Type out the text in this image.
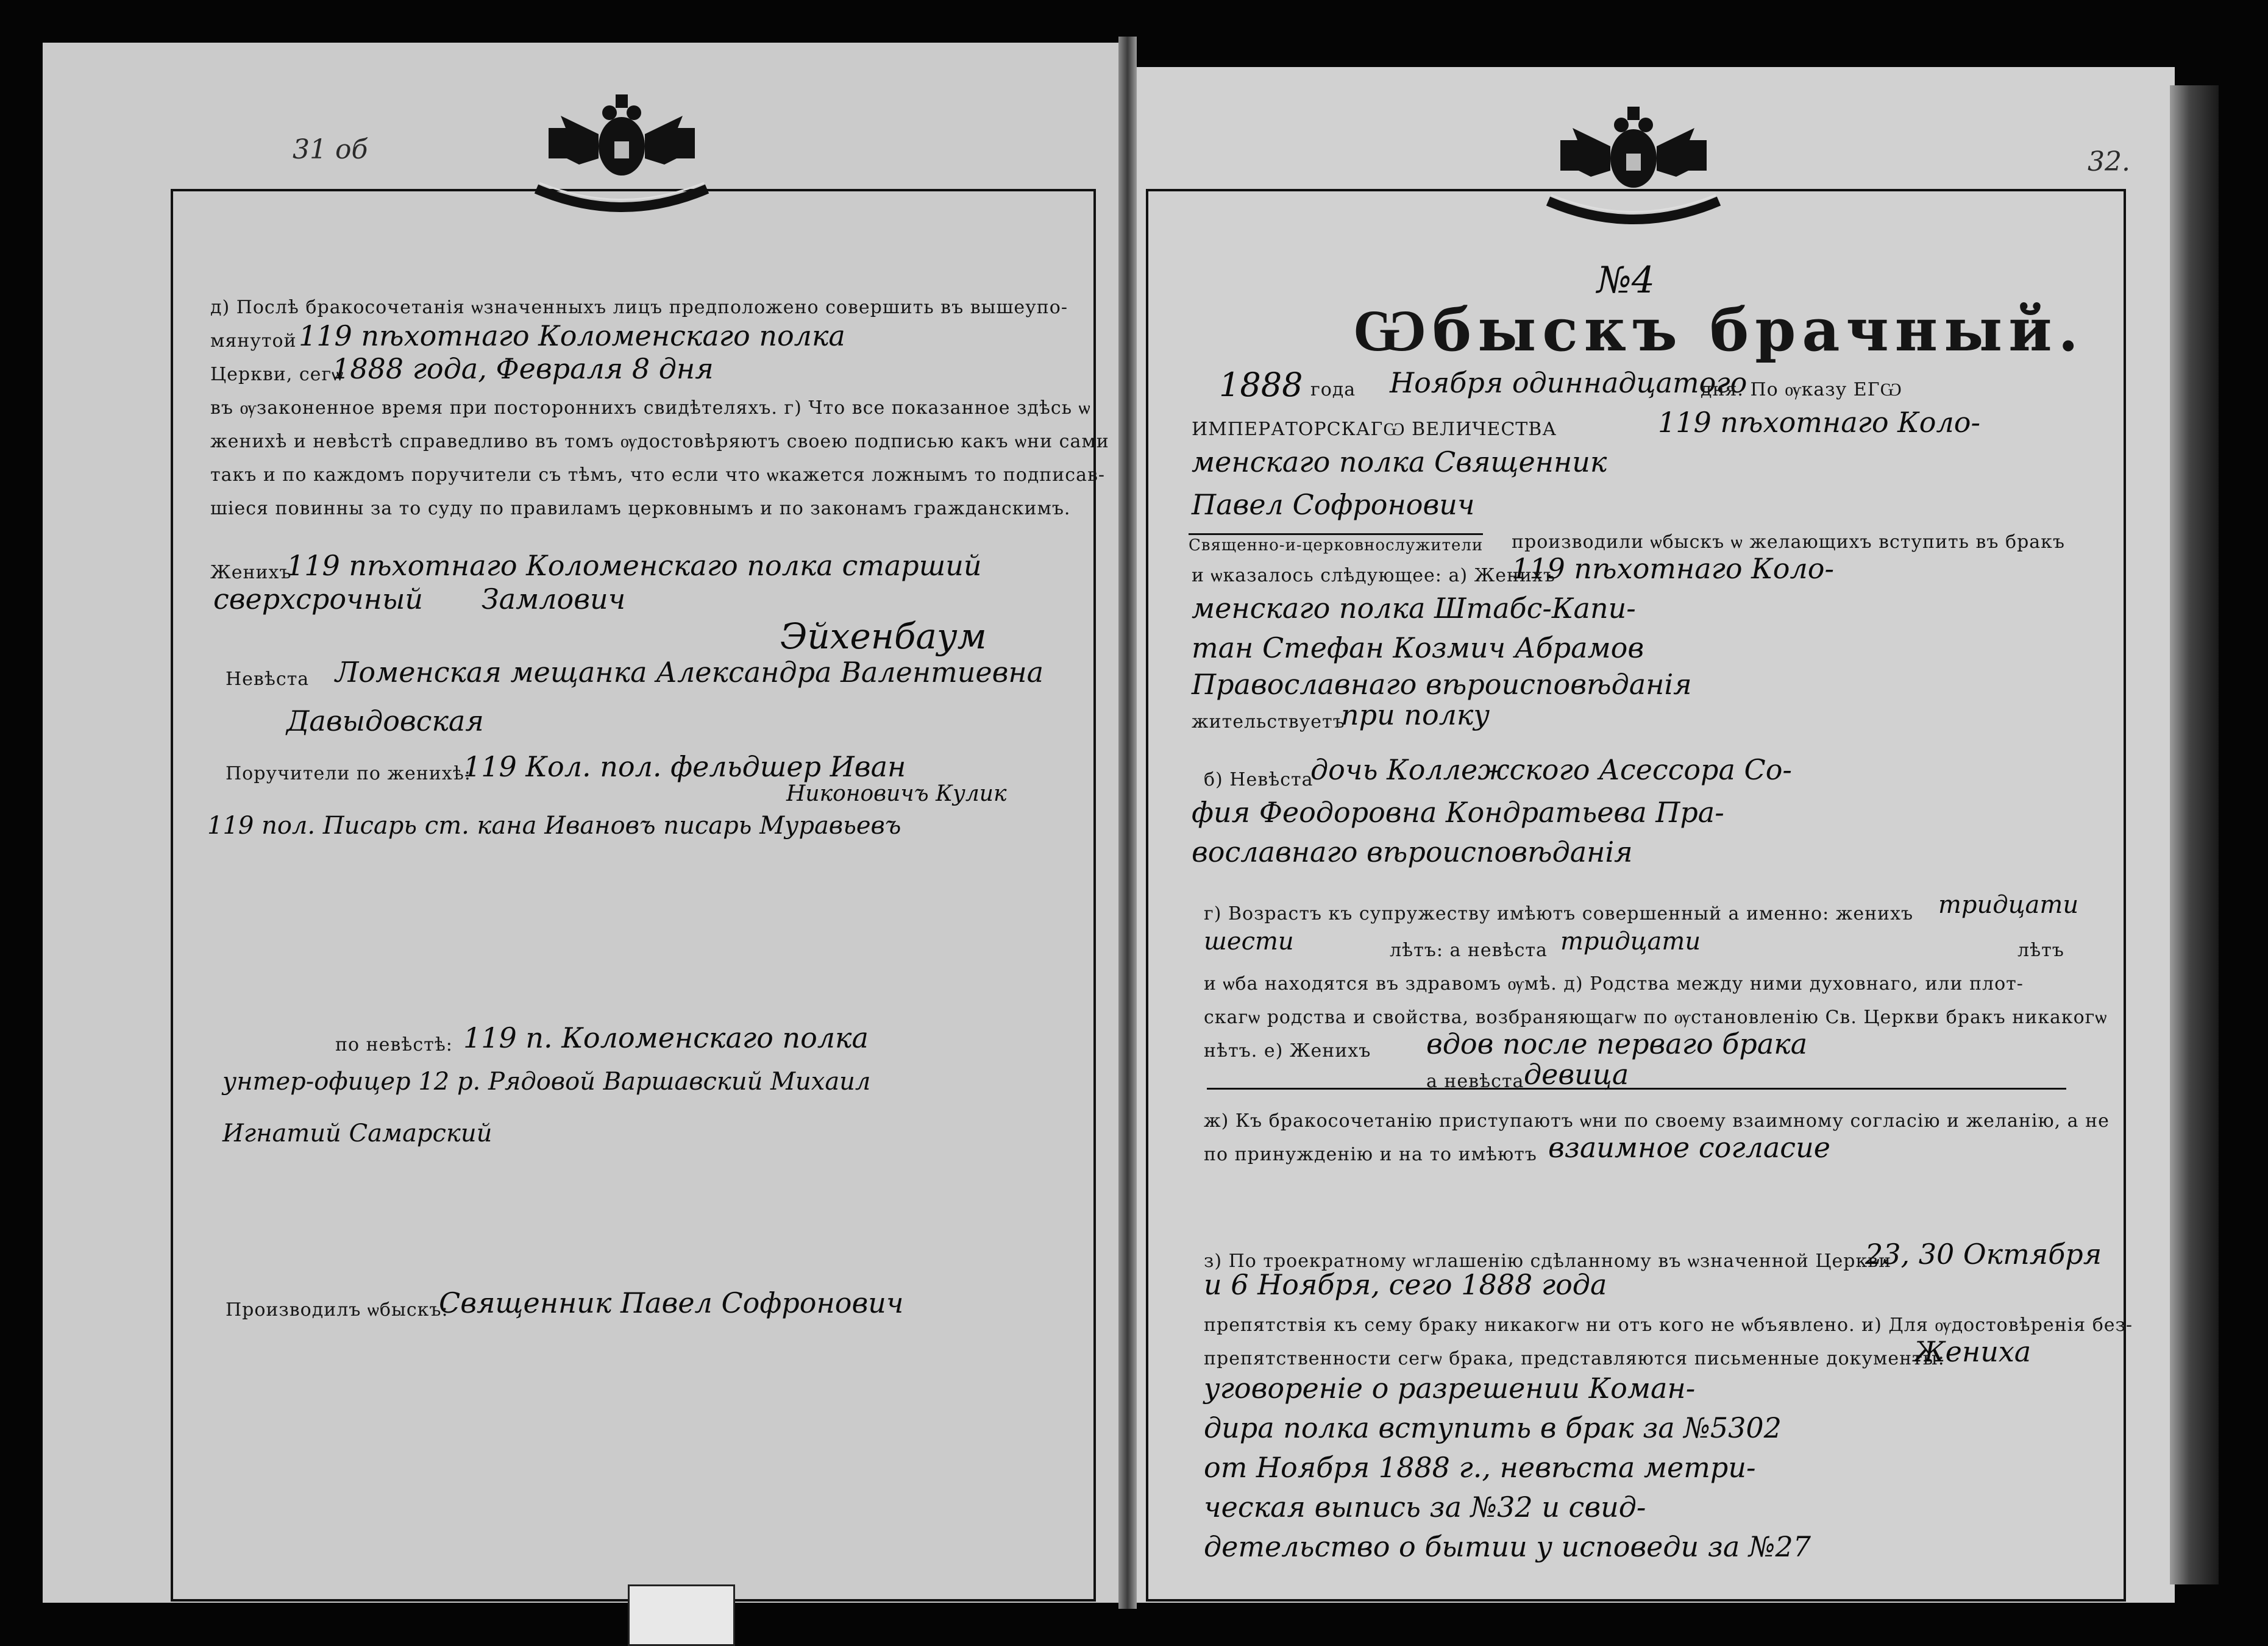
31 об	32.
д) Послѣ бракосочетанія ѡзначенныхъ лицъ предположено совершить въ вышеупо-
мянутой 119 пѣхотнаго Коломенскаго полка
Церкви, сегѡ
1888 года, Февраля 8 дня
въ ѹзаконенное время при постороннихъ свидѣтеляхъ. г) Что все показанное здѣсь ѡ
женихѣ и невѣстѣ справедливо въ томъ ѹдостовѣряютъ своею подписью какъ ѡни сами
такъ и по каждомъ поручители съ тѣмъ, что если что ѡкажется ложнымъ то подписав-
шiеся повинны за то суду по правиламъ церковнымъ и по законамъ гражданскимъ.
Женихъ
119 пѣхотнаго Коломенскаго полка старший
сверхсрочный Замлович
Эйхенбаум
Невѣста Ломенская мещанка Александра Валентиевна
Давыдовская
Поручители по женихѣ:
119 Кол. пол. фельдшер Иван
Никоновичъ Кулик
119 пол. Писарь ст. кана Ивановъ писарь Муравьевъ
по невѣстѣ: 119 п. Коломенскаго полка
унтер-офицер 12 р. Рядовой Варшавский Михаил
Игнатий Самарский
Производилъ ѡбыскъ:
Священник Павел Софронович
№4
Ѡбыскъ брачный.
1888 года Ноября одиннадцатого
дня. По ѹказу ЕГѠ
ИМПЕРАТОРСКАГѠ ВЕЛИЧЕСТВА	119 пѣхотнаго Коло-
менскаго полка Священник
Павел Софронович
Священно-и-церковнослужители производили ѡбыскъ ѡ желающихъ вступить въ бракъ
и ѡказалось слѣдующее: а) Женихъ
119 пѣхотнаго Коло-
менскаго полка Штабс-Капи-
тан Стефан Козмич Абрамов
Православнаго вѣроисповѣданiя
жительствуетъ
при полку
б) Невѣста
дочь Коллежского Асессора Со-
фия Феодоровна Кондратьева Пра-
вославнаго вѣроисповѣданiя
г) Возрастъ къ супружеству имѣютъ совершенный а именно: женихъ тридцати
шести	лѣтъ: а невѣста тридцати	лѣтъ
и ѡба находятся въ здравомъ ѹмѣ. д) Родства между ними духовнаго, или плот-
скагѡ родства и свойства, возбраняющагѡ по ѹстановленiю Св. Церкви бракъ никакогѡ
нѣтъ. е) Женихъ вдов после перваго брака
а невѣста девица
ж) Къ бракосочетанiю приступаютъ ѡни по своему взаимному согласiю и желанiю, а не
по принужденiю и на то имѣютъ взаимное согласие
з) По троекратному ѡглашенiю сдѣланному въ ѡзначенной Церкви
23, 30 Октября
и 6 Ноября, сего 1888 года
препятствiя къ сему браку никакогѡ ни отъ кого не ѡбъявлено. и) Для ѹдостовѣренiя без-
препятственности сегѡ брака, представляются письменные документы:
Жениха
уговоренiе о разрешении Коман-
дира полка вступить в брак за №5302
от Ноября 1888 г., невѣста метри-
ческая выпись за №32 и свид-
детельство о бытии у исповеди за №27
